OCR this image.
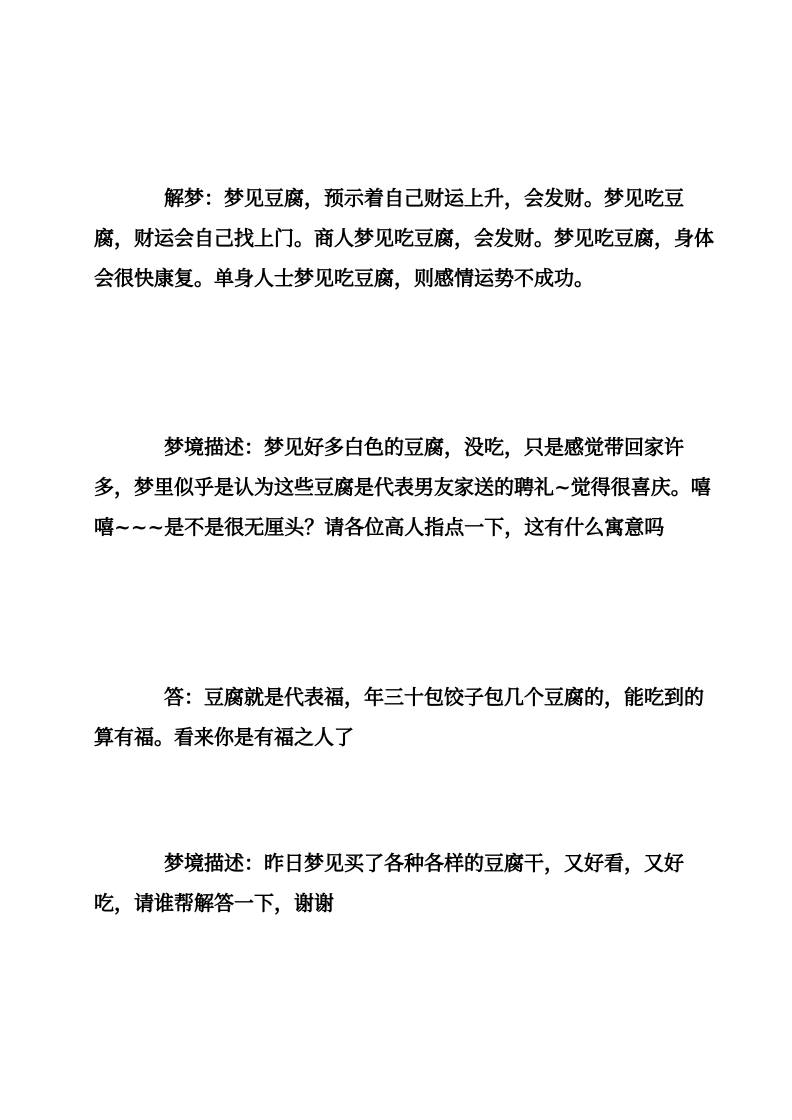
解梦：梦见豆腐，预示着自己财运上升，会发财。梦见吃豆腐，财运会自己找上门。商人梦见吃豆腐，会发财。梦见吃豆腐，身体会很快康复。单身人士梦见吃豆腐，则感情运势不成功。

梦境描述：梦见好多白色的豆腐，没吃，只是感觉带回家许多，梦里似乎是认为这些豆腐是代表男友家送的聘礼~觉得很喜庆。嘻嘻~~~是不是很无厘头？请各位高人指点一下，这有什么寓意吗

答：豆腐就是代表福，年三十包饺子包几个豆腐的，能吃到的算有福。看来你是有福之人了

梦境描述：昨日梦见买了各种各样的豆腐干，又好看，又好吃，请谁帮解答一下，谢谢
